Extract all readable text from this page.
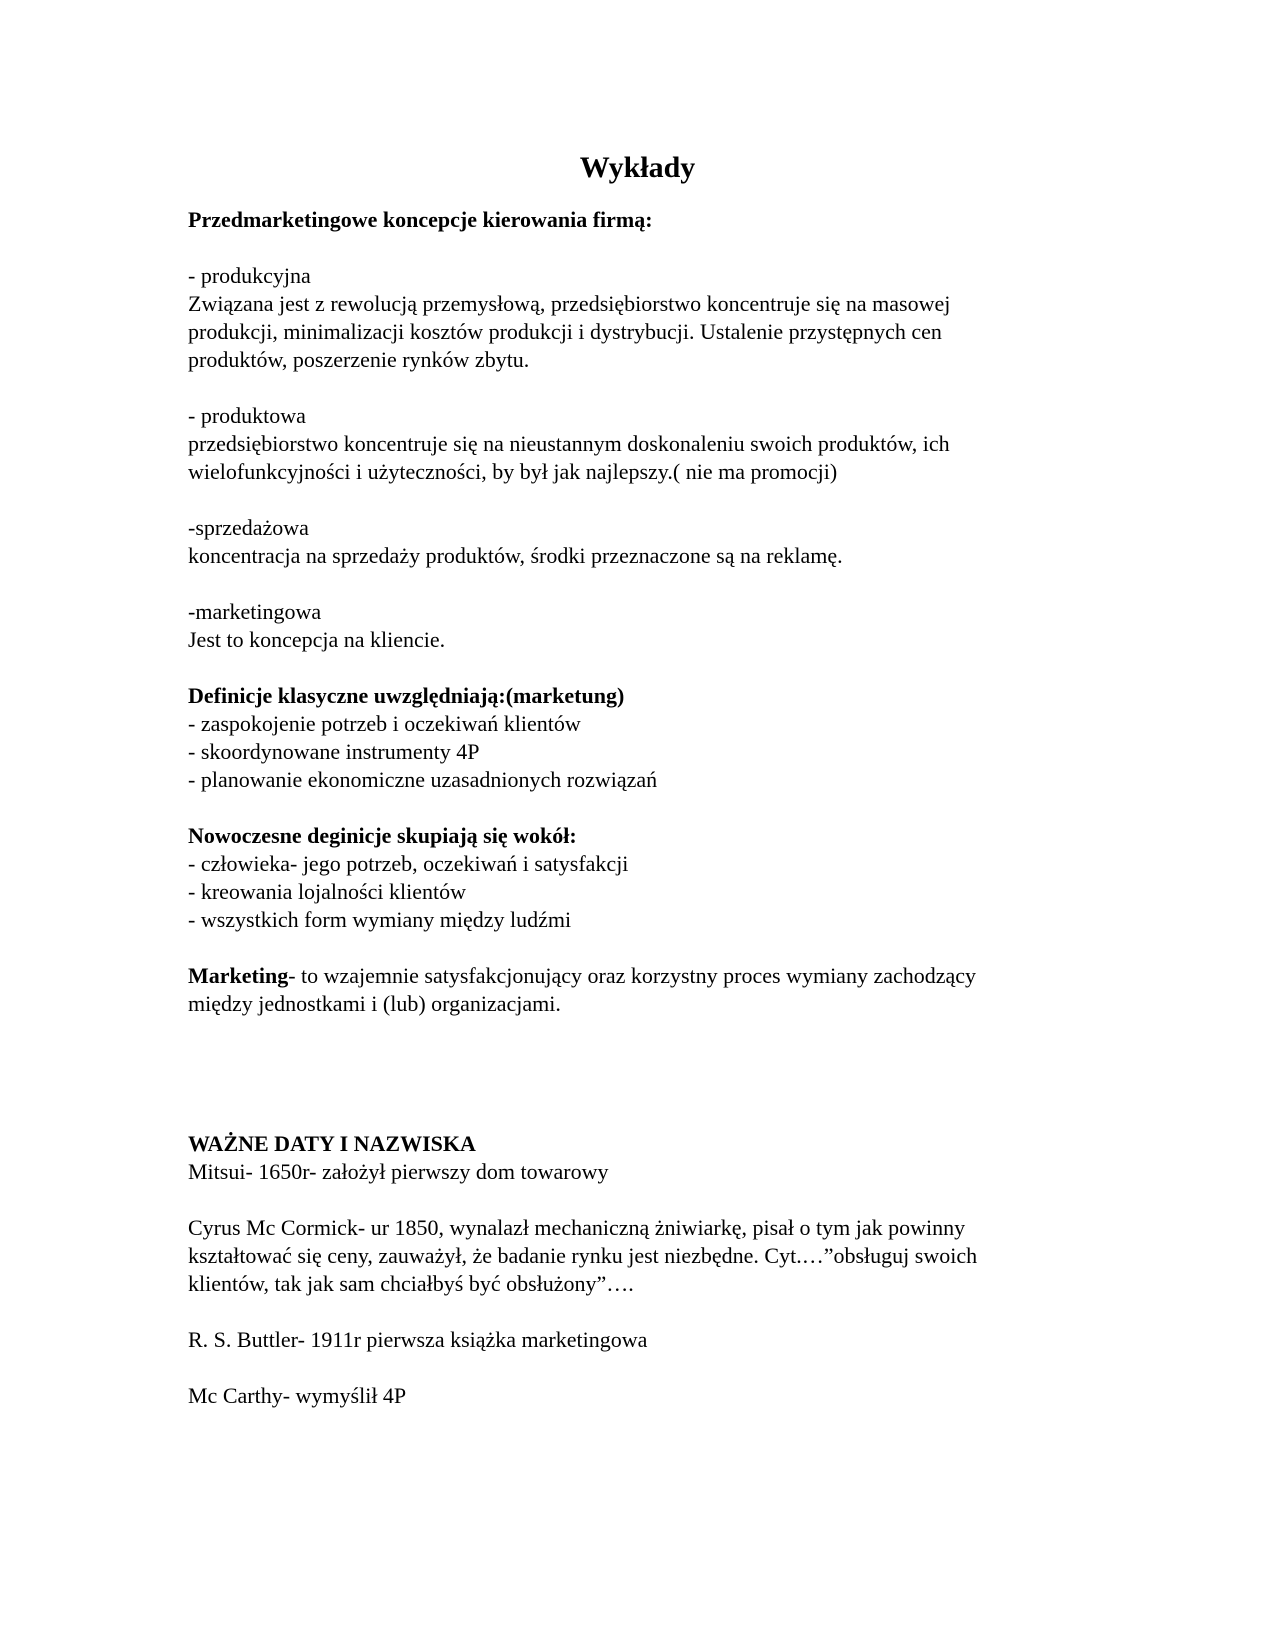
Wykłady
Przedmarketingowe koncepcje kierowania firmą:
- produkcyjna
Związana jest z rewolucją przemysłową, przedsiębiorstwo koncentruje się na masowej
produkcji, minimalizacji kosztów produkcji i dystrybucji. Ustalenie przystępnych cen
produktów, poszerzenie rynków zbytu.
- produktowa
przedsiębiorstwo koncentruje się na nieustannym doskonaleniu swoich produktów, ich
wielofunkcyjności i użyteczności, by był jak najlepszy.( nie ma promocji)
-sprzedażowa
koncentracja na sprzedaży produktów, środki przeznaczone są na reklamę.
-marketingowa
Jest to koncepcja na kliencie.
Definicje klasyczne uwzględniają:(marketung)
- zaspokojenie potrzeb i oczekiwań klientów
- skoordynowane instrumenty 4P
- planowanie ekonomiczne uzasadnionych rozwiązań
Nowoczesne deginicje skupiają się wokół:
- człowieka- jego potrzeb, oczekiwań i satysfakcji
- kreowania lojalności klientów
- wszystkich form wymiany między ludźmi
Marketing- to wzajemnie satysfakcjonujący oraz korzystny proces wymiany zachodzący
między jednostkami i (lub) organizacjami.
WAŻNE DATY I NAZWISKA
Mitsui- 1650r- założył pierwszy dom towarowy
Cyrus Mc Cormick- ur 1850, wynalazł mechaniczną żniwiarkę, pisał o tym jak powinny
kształtować się ceny, zauważył, że badanie rynku jest niezbędne. Cyt.…”obsługuj swoich
klientów, tak jak sam chciałbyś być obsłużony”….
R. S. Buttler- 1911r pierwsza książka marketingowa
Mc Carthy- wymyślił 4P
